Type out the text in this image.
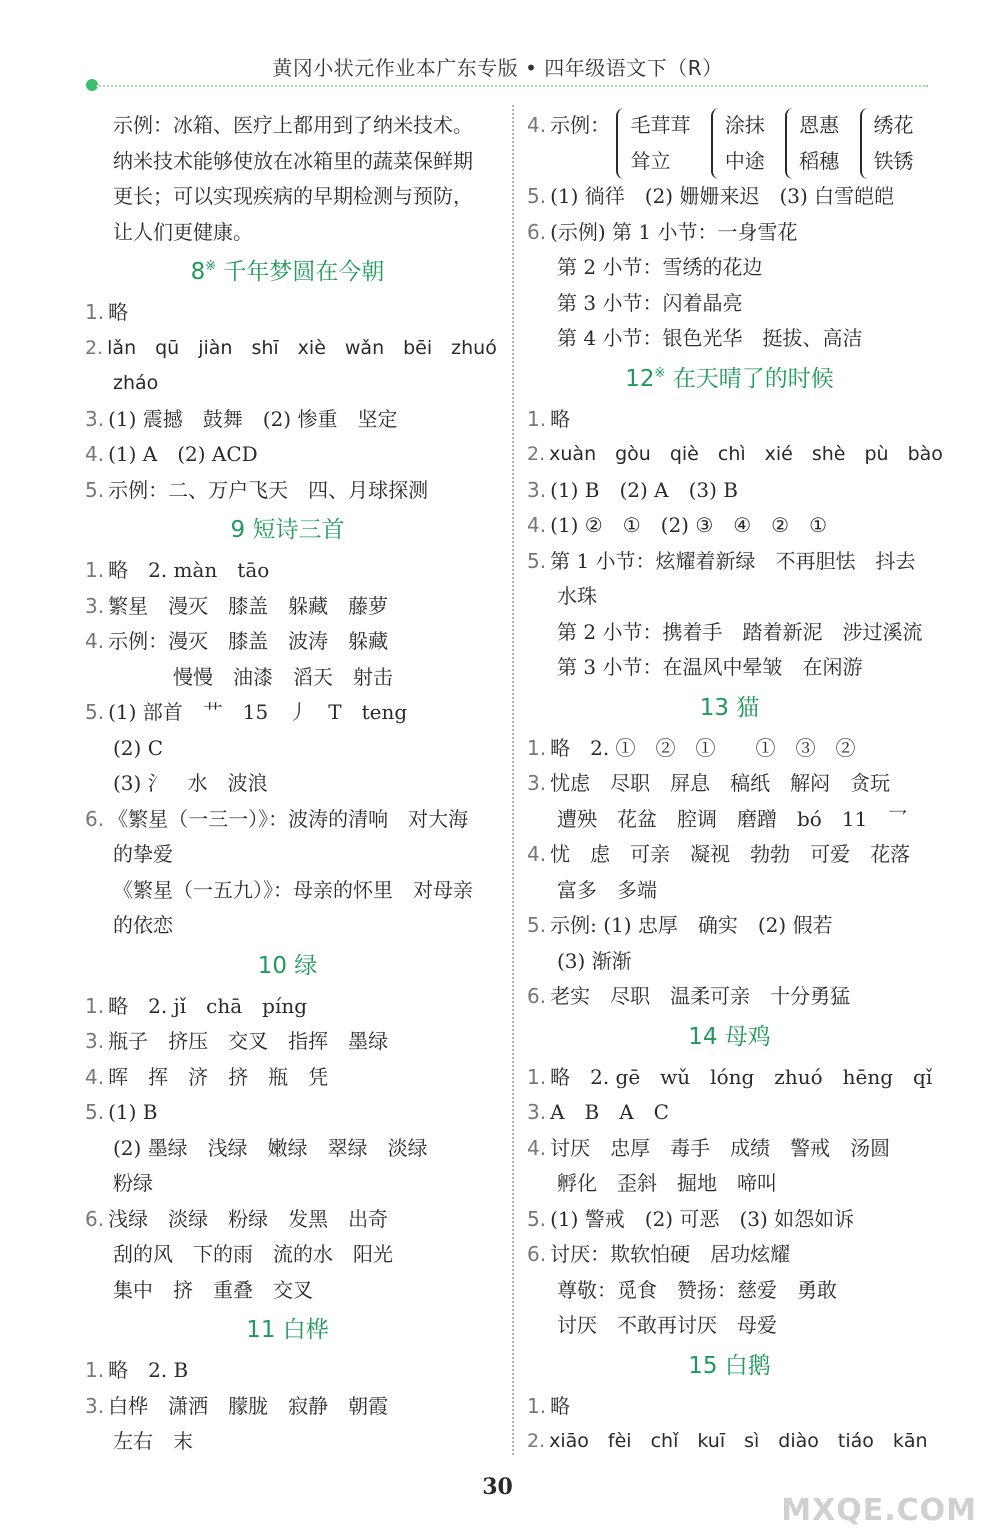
黄冈小状元作业本广东专版 • 四年级语文下（R）
示例：冰箱、医疗上都用到了纳米技术。
纳米技术能够使放在冰箱里的蔬菜保鲜期
更长；可以实现疾病的早期检测与预防，
让人们更健康。
8※ 千年梦圆在今朝
1. 略
2. lǎn　qū　jiàn　shī　xiè　wǎn　bēi　zhuó
zháo
3. (1) 震撼　鼓舞　(2) 惨重　坚定
4. (1) A　(2) ACD
5. 示例：二、万户飞天　四、月球探测
9 短诗三首
1. 略　2. màn　tāo
3. 繁星　漫灭　膝盖　躲藏　藤萝
4. 示例：漫灭　膝盖　波涛　躲藏
慢慢　油漆　滔天　射击
5. (1) 部首　艹　15　丿　T　teng
(2) C
(3) 氵　水　波浪
6. 《繁星（一三一）》：波涛的清响　对大海
的挚爱
《繁星（一五九）》：母亲的怀里　对母亲
的依恋
10 绿
1. 略　2. jǐ　chā　píng
3. 瓶子　挤压　交叉　指挥　墨绿
4. 晖　挥　济　挤　瓶　凭
5. (1) B
(2) 墨绿　浅绿　嫩绿　翠绿　淡绿
粉绿
6. 浅绿　淡绿　粉绿　发黑　出奇
刮的风　下的雨　流的水　阳光
集中　挤　重叠　交叉
11 白桦
1. 略　2. B
3. 白桦　潇洒　朦胧　寂静　朝霞
左右　末
4. 示例： 毛茸茸
耸立

涂抹
中途

恩惠
稻穗

绣花
铁锈
5. (1) 徜徉　(2) 姗姗来迟　(3) 白雪皑皑
6. (示例) 第 1 小节：一身雪花
第 2 小节：雪绣的花边
第 3 小节：闪着晶亮
第 4 小节：银色光华　挺拔、高洁
12※ 在天晴了的时候
1. 略
2. xuàn　gòu　qiè　chì　xié　shè　pù　bào
3. (1) B　(2) A　(3) B
4. (1) ②　①　(2) ③　④　②　①
5. 第 1 小节：炫耀着新绿　不再胆怯　抖去
水珠
第 2 小节：携着手　踏着新泥　涉过溪流
第 3 小节：在温风中晕皱　在闲游
13 猫
1. 略　2. ①　②　①　　①　③　②
3. 忧虑　尽职　屏息　稿纸　解闷　贪玩
遭殃　花盆　腔调　磨蹭　bó　11　乛
4. 忧　虑　可亲　凝视　勃勃　可爱　花落
富多　多端
5. 示例: (1) 忠厚　确实　(2) 假若
(3) 渐渐
6. 老实　尽职　温柔可亲　十分勇猛
14 母鸡
1. 略　2. gē　wǔ　lóng　zhuó　hēng　qǐ
3. A　B　A　C
4. 讨厌　忠厚　毒手　成绩　警戒　汤圆
孵化　歪斜　掘地　啼叫
5. (1) 警戒　(2) 可恶　(3) 如怨如诉
6. 讨厌：欺软怕硬　居功炫耀
尊敬：觅食　赞扬：慈爱　勇敢
讨厌　不敢再讨厌　母爱
15 白鹅
1. 略
2. xiāo　fèi　chǐ　kuī　sì　diào　tiáo　kān
30
MXQE.COM
